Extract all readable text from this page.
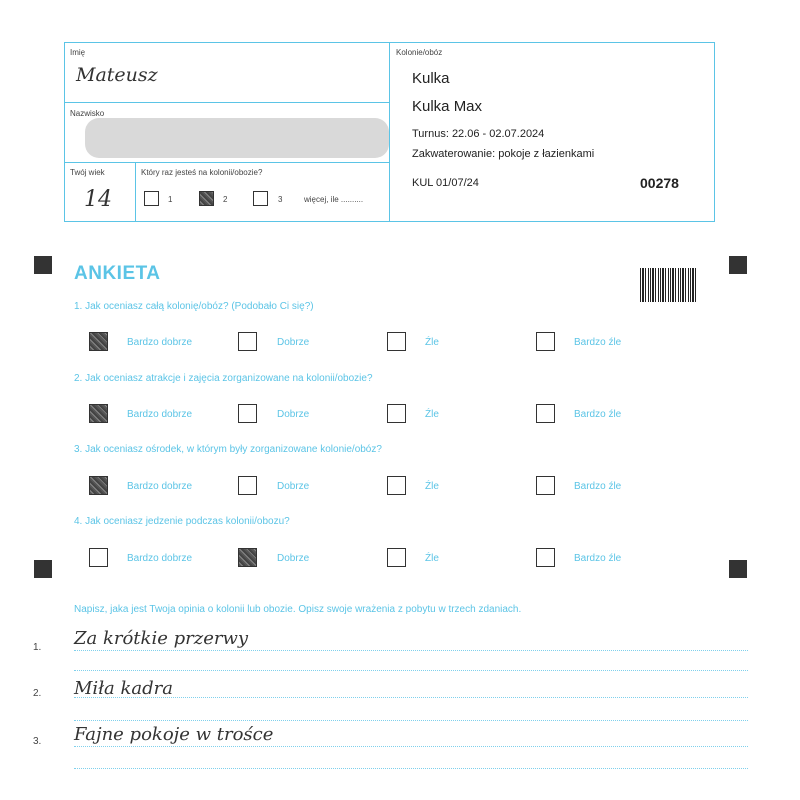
Imię
Mateusz
Nazwisko
Twój wiek
14
Który raz jesteś na kolonii/obozie?
1	2	3	więcej, ile ..........
Kolonie/obóz
Kulka
Kulka Max
Turnus: 22.06 - 02.07.2024
Zakwaterowanie: pokoje z łazienkami
KUL 01/07/24	00278
ANKIETA
1. Jak oceniasz całą kolonię/obóz? (Podobało Ci się?)
Bardzo dobrze	Dobrze	Źle	Bardzo źle
2. Jak oceniasz atrakcje i zajęcia zorganizowane na kolonii/obozie?
Bardzo dobrze	Dobrze	Źle	Bardzo źle
3. Jak oceniasz ośrodek, w którym były zorganizowane kolonie/obóz?
Bardzo dobrze	Dobrze	Źle	Bardzo źle
4. Jak oceniasz jedzenie podczas kolonii/obozu?
Bardzo dobrze	Dobrze	Źle	Bardzo źle
Napisz, jaka jest Twoja opinia o kolonii lub obozie. Opisz swoje wrażenia z pobytu w trzech zdaniach.
1. Za krótkie przerwy
2. Miła kadra
3. Fajne pokoje w trośce
